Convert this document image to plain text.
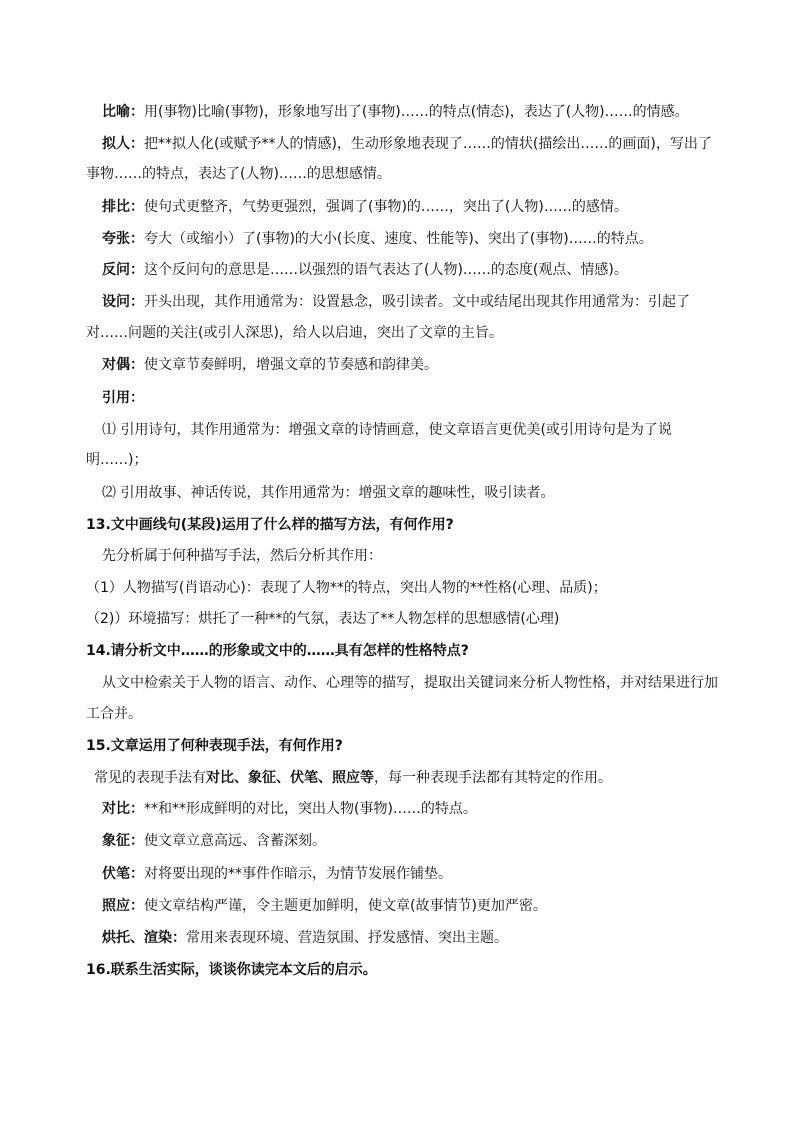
比喻：用(事物)比喻(事物)，形象地写出了(事物)……的特点(情态)，表达了(人物)……的情感。
拟人：把**拟人化(或赋予**人的情感)，生动形象地表现了……的情状(描绘出……的画面)，写出了
事物……的特点，表达了(人物)……的思想感情。
排比：使句式更整齐，气势更强烈，强调了(事物)的……，突出了(人物)……的感情。
夸张：夸大（或缩小）了(事物)的大小(长度、速度、性能等)、突出了(事物)……的特点。
反问：这个反问句的意思是……以强烈的语气表达了(人物)……的态度(观点、情感)。
设问：开头出现，其作用通常为：设置悬念，吸引读者。文中或结尾出现其作用通常为：引起了
对……问题的关注(或引人深思)，给人以启迪，突出了文章的主旨。
对偶：使文章节奏鲜明，增强文章的节奏感和韵律美。
引用：
⑴ 引用诗句，其作用通常为：增强文章的诗情画意，使文章语言更优美(或引用诗句是为了说
明……)；
⑵ 引用故事、神话传说，其作用通常为：增强文章的趣味性，吸引读者。
13.文中画线句(某段)运用了什么样的描写方法，有何作用?
先分析属于何种描写手法，然后分析其作用：
（1）人物描写(肖语动心)：表现了人物**的特点，突出人物的**性格(心理、品质)；
（2)）环境描写：烘托了一种**的气氛，表达了**人物怎样的思想感情(心理)
14.请分析文中……的形象或文中的……具有怎样的性格特点?
从文中检索关于人物的语言、动作、心理等的描写，提取出关键词来分析人物性格，并对结果进行加
工合并。
15.文章运用了何种表现手法，有何作用?
常见的表现手法有对比、象征、伏笔、照应等，每一种表现手法都有其特定的作用。
对比：**和**形成鲜明的对比，突出人物(事物)……的特点。
象征：使文章立意高远、含蓄深刻。
伏笔：对将要出现的**事件作暗示，为情节发展作铺垫。
照应：使文章结构严谨，令主题更加鲜明，使文章(故事情节)更加严密。
烘托、渲染：常用来表现环境、营造氛围、抒发感情、突出主题。
16.联系生活实际，谈谈你读完本文后的启示。
